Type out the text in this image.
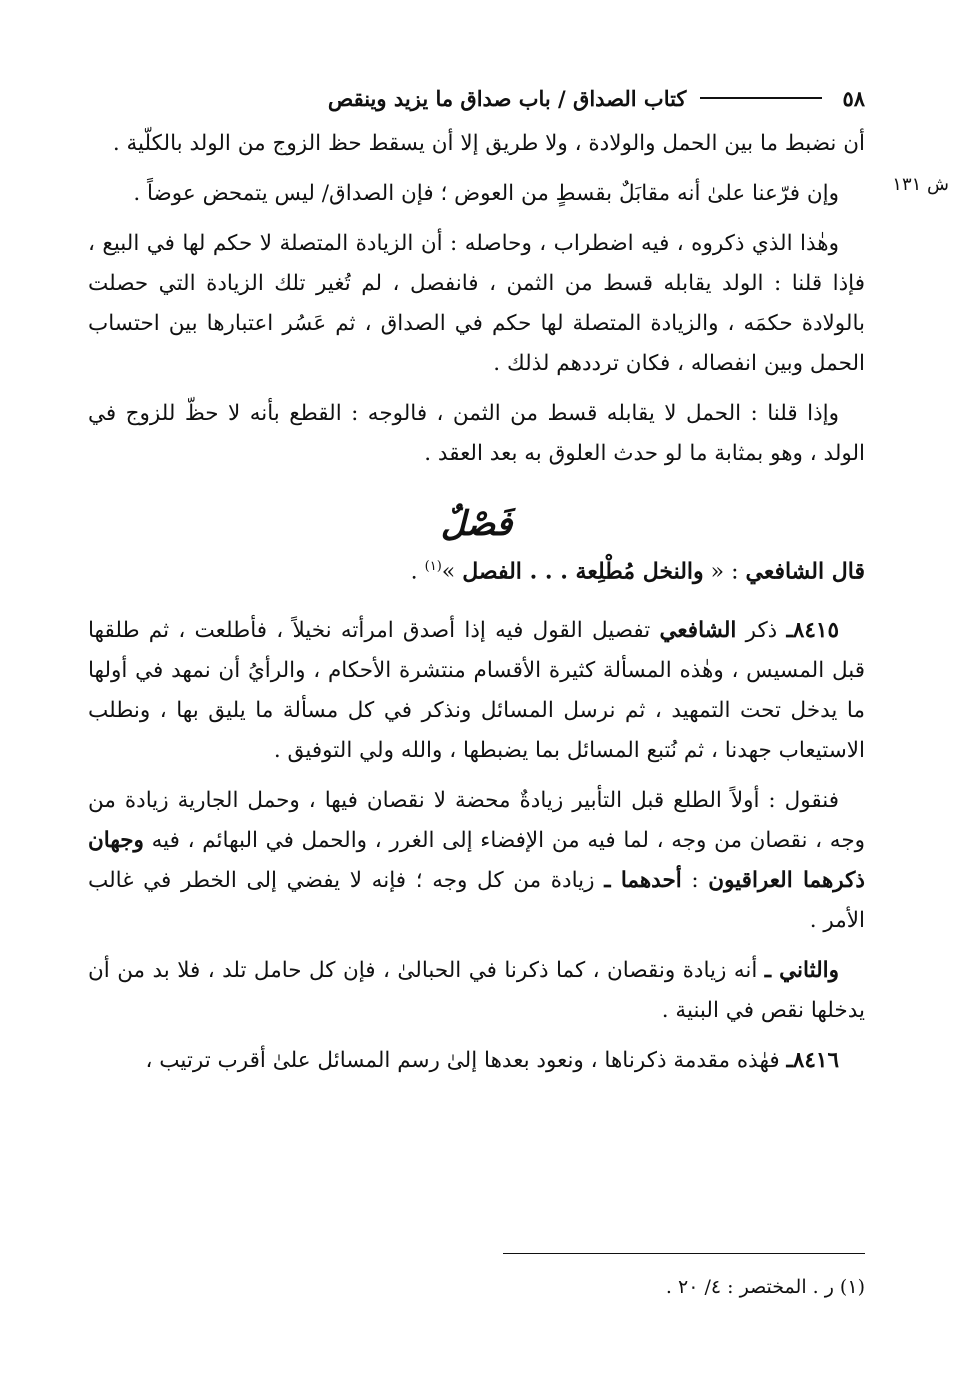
٥٨
كتاب الصداق / باب صداق ما يزيد وينقص

أن نضبط ما بين الحمل والولادة ، ولا طريق إلا أن يسقط حظ الزوج من الولد بالكلّية .

ش ١٣١

وإن فرّعنا علىٰ أنه مقابَلٌ بقسطٍ من العوض ؛ فإن الصداق/ ليس يتمحض عوضاً .

وهٰذا الذي ذكروه ، فيه اضطراب ، وحاصله : أن الزيادة المتصلة لا حكم لها في البيع ، فإذا قلنا : الولد يقابله قسط من الثمن ، فانفصل ، لم تُغير تلك الزيادة التي حصلت بالولادة حكمَه ، والزيادة المتصلة لها حكم في الصداق ، ثم عَسُر اعتبارها بين احتساب الحمل وبين انفصاله ، فكان ترددهم لذلك .

وإذا قلنا : الحمل لا يقابله قسط من الثمن ، فالوجه : القطع بأنه لا حظّ للزوج في الولد ، وهو بمثابة ما لو حدث العلوق به بعد العقد .

فَصْلٌ

قال الشافعي : « والنخل مُطْلِعة . . . الفصل »$^{(١)}$ .

٨٤١٥ـ ذكر الشافعي تفصيل القول فيه إذا أصدق امرأته نخيلاً ، فأطلعت ، ثم طلقها قبل المسيس ، وهٰذه المسألة كثيرة الأقسام منتشرة الأحكام ، والرأيُ أن نمهد في أولها ما يدخل تحت التمهيد ، ثم نرسل المسائل ونذكر في كل مسألة ما يليق بها ، ونطلب الاستيعاب جهدنا ، ثم نُتبع المسائل بما يضبطها ، والله ولي التوفيق .

فنقول : أولاً الطلع قبل التأبير زيادةٌ محضة لا نقصان فيها ، وحمل الجارية زيادة من وجه ، نقصان من وجه ، لما فيه من الإفضاء إلى الغرر ، والحمل في البهائم ، فيه وجهان ذكرهما العراقيون : أحدهما ـ زيادة من كل وجه ؛ فإنه لا يفضي إلى الخطر في غالب الأمر .

والثاني ـ أنه زيادة ونقصان ، كما ذكرنا في الحبالىٰ ، فإن كل حامل تلد ، فلا بد من أن يدخلها نقص في البنية .

٨٤١٦ـ فهٰذه مقدمة ذكرناها ، ونعود بعدها إلىٰ رسم المسائل علىٰ أقرب ترتيب ،

(١) ر . المختصر : ٤/ ٢٠ .
